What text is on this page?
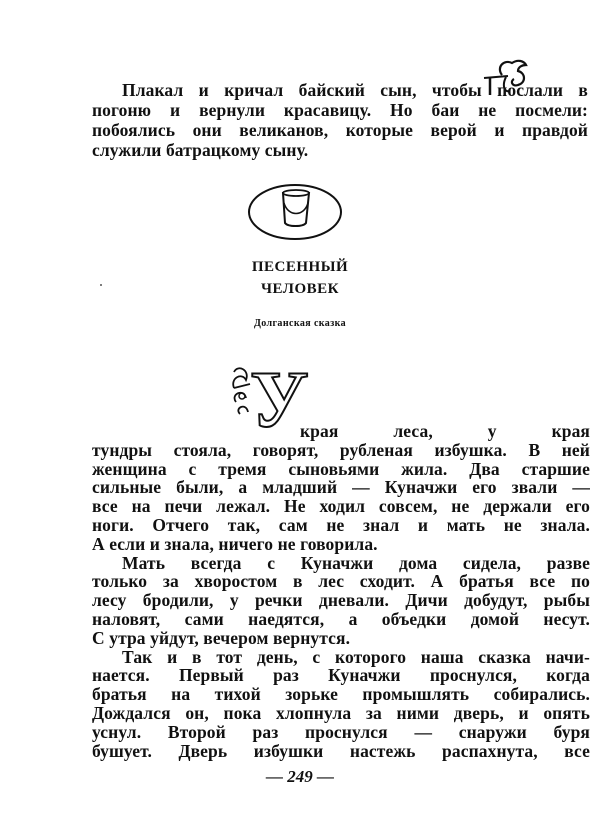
Плакал и кричал байский сын, чтобы послали в
погоню и вернули красавицу. Но баи не посмели:
побоялись они великанов, которые верой и правдой
служили батрацкому сыну.
ПЕСЕННЫЙ
ЧЕЛОВЕК
Долганская сказка
У
края леса, у края
тундры стояла, говорят, рубленая избушка. В ней
женщина с тремя сыновьями жила. Два старшие
сильные были, а младший — Куначжи его звали —
все на печи лежал. Не ходил совсем, не держали его
ноги. Отчего так, сам не знал и мать не знала.
А если и знала, ничего не говорила.
Мать всегда с Куначжи дома сидела, разве
только за хворостом в лес сходит. А братья все по
лесу бродили, у речки дневали. Дичи добудут, рыбы
наловят, сами наедятся, а объедки домой несут.
С утра уйдут, вечером вернутся.
Так и в тот день, с которого наша сказка начи-
нается. Первый раз Куначжи проснулся, когда
братья на тихой зорьке промышлять собирались.
Дождался он, пока хлопнула за ними дверь, и опять
уснул. Второй раз проснулся — снаружи буря
бушует. Дверь избушки настежь распахнута, все
— 249 —
